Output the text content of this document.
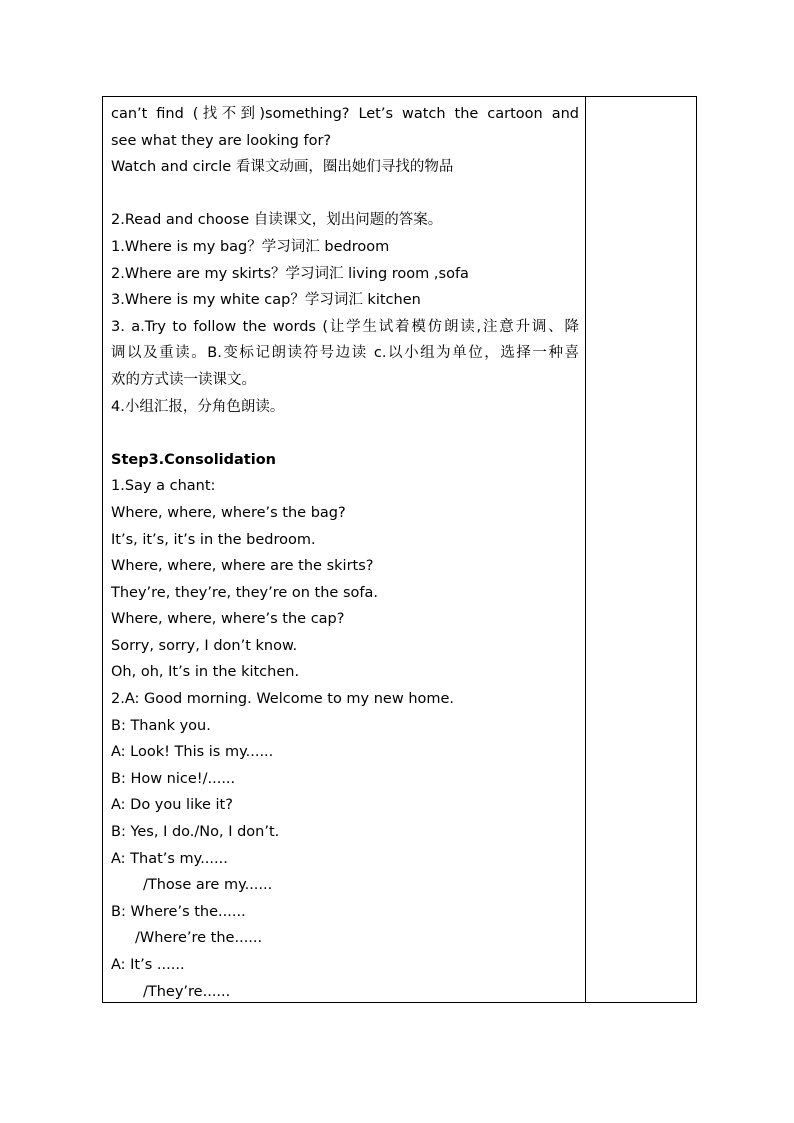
can’t find (找不到)something? Let’s watch the cartoon and
see what they are looking for?
Watch and circle 看课文动画，圈出她们寻找的物品
2.Read and choose 自读课文，划出问题的答案。
1.Where is my bag？学习词汇 bedroom
2.Where are my skirts？学习词汇 living room ,sofa
3.Where is my white cap？学习词汇 kitchen
3. a.Try to follow the words (让学生试着模仿朗读,注意升调、降
调以及重读。B.变标记朗读符号边读 c.以小组为单位，选择一种喜
欢的方式读一读课文。
4.小组汇报，分角色朗读。
Step3.Consolidation
1.Say a chant:
Where, where, where’s the bag?
It’s, it’s, it’s in the bedroom.
Where, where, where are the skirts?
They’re, they’re, they’re on the sofa.
Where, where, where’s the cap?
Sorry, sorry, I don’t know.
Oh, oh, It’s in the kitchen.
2.A: Good morning. Welcome to my new home.
B: Thank you.
A: Look! This is my......
B: How nice!/......
A: Do you like it?
B: Yes, I do./No, I don’t.
A: That’s my......
/Those are my......
B: Where’s the......
/Where’re the......
A: It’s ......
/They’re......
